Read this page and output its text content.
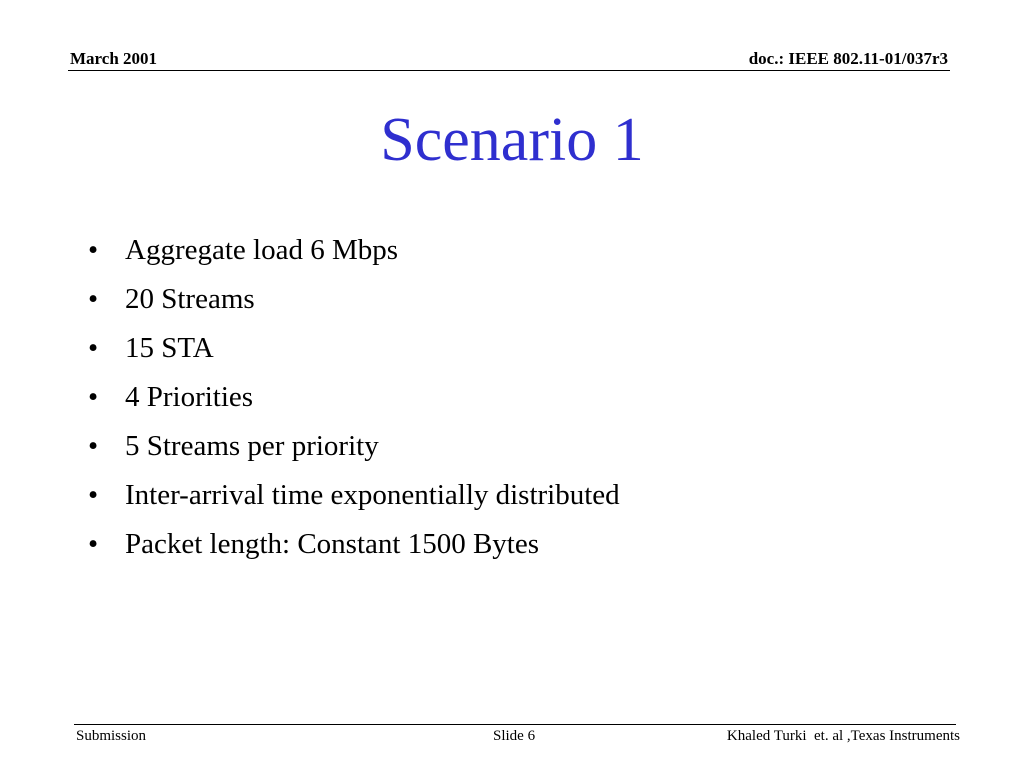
March 2001	doc.: IEEE 802.11-01/037r3
Scenario 1
• Aggregate load 6 Mbps
• 20 Streams
• 15 STA
• 4 Priorities
• 5 Streams per priority
• Inter-arrival time exponentially distributed
• Packet length: Constant 1500 Bytes
Submission	Slide 6	Khaled Turki  et. al ,Texas Instruments
